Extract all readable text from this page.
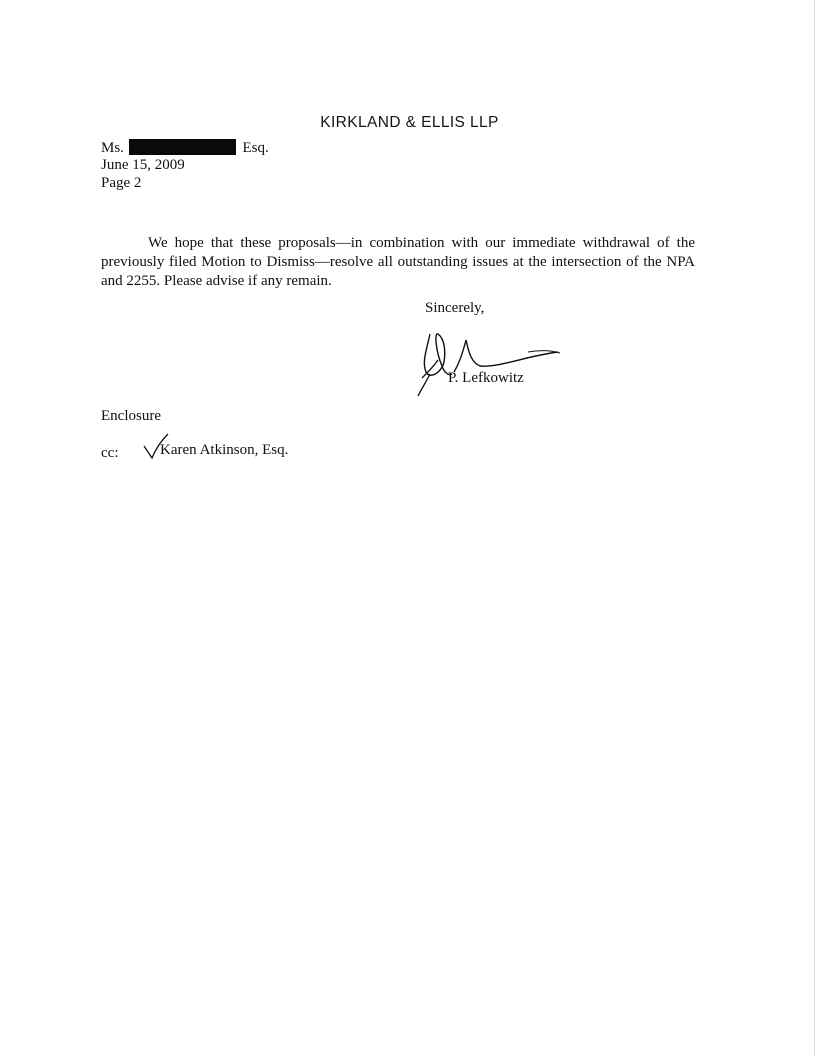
KIRKLAND & ELLIS LLP
Ms.	Esq.
June 15, 2009
Page 2

We hope that these proposals—in combination with our immediate withdrawal of the previously filed Motion to Dismiss—resolve all outstanding issues at the intersection of the NPA and 2255. Please advise if any remain.

Sincerely,
P. Lefkowitz
Enclosure
cc:	Karen Atkinson, Esq.
